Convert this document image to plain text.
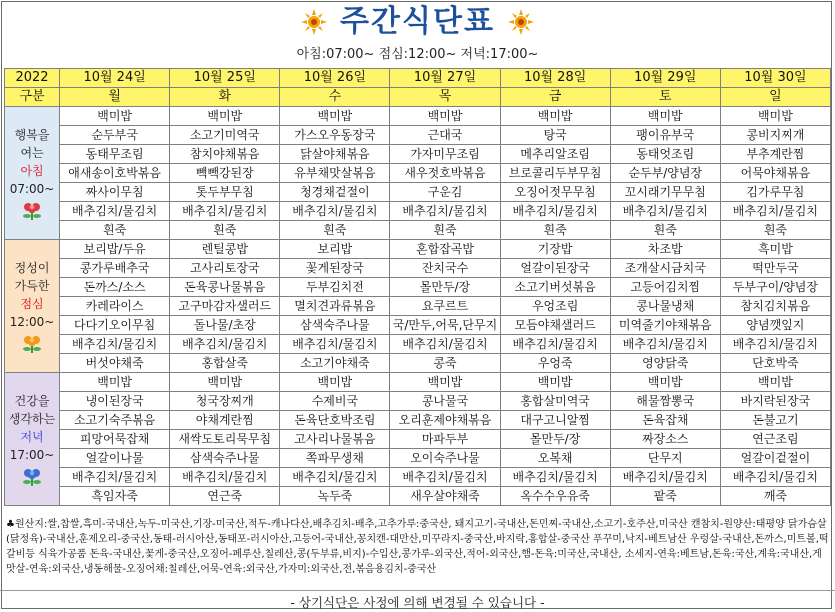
주간식단표
아침:07:00~ 점심:12:00~ 저녁:17:00~
2022	10월 24일	10월 25일	10월 26일	10월 27일	10월 28일	10월 29일	10월 30일
구분	월	화	수	목	금	토	일

행복을
여는
아침
07:00~	백미밥	백미밥	백미밥	백미밥	백미밥	백미밥	백미밥
	순두부국	소고기미역국	가스오우동장국	근대국	탕국	팽이유부국	콩비지찌개
	동태무조림	참치야채볶음	닭살야채볶음	가자미무조림	메추리알조림	동태엇조림	부추계란찜
	애새송이호박볶음	빽빽강된장	유부채맛살볶음	새우젓호박볶음	브로콜리두부무침	순두부/양념장	어묵야채볶음
	짜사이무침	톳두부무침	청경채겉절이	구운김	오징어젓무무침	꼬시래기무무침	김가루무침
	배추김치/물김치	배추김치/물김치	배추김치/물김치	배추김치/물김치	배추김치/물김치	배추김치/물김치	배추김치/물김치
	흰죽	흰죽	흰죽	흰죽	흰죽	흰죽	흰죽

정성이
가득한
점심
12:00~	보리밥/두유	렌틸콩밥	보리밥	혼합잡곡밥	기장밥	차조밥	흑미밥
	콩가루배추국	고사리토장국	꽃게된장국	잔치국수	얼갈이된장국	조개살시금치국	떡만두국
	돈까스/소스	돈육콩나물볶음	두부김치전	몰만두/장	소고기버섯볶음	고등어김치찜	두부구이/양념장
	카레라이스	고구마감자샐러드	멸치견과류볶음	요쿠르트	우엉조림	콩나물냉채	참치김치볶음
	다다기오이무침	돌나물/초장	삼색숙주나물	국/만두,어묵,단무지	모듬야채샐러드	미역줄기야채볶음	양념깻잎지
	배추김치/물김치	배추김치/물김치	배추김치/물김치	배추김치/물김치	배추김치/물김치	배추김치/물김치	배추김치/물김치
	버섯야채죽	홍합살죽	소고기야채죽	콩죽	우엉죽	영양닭죽	단호박죽

건강을
생각하는
저녁
17:00~	백미밥	백미밥	백미밥	백미밥	백미밥	백미밥	백미밥
	냉이된장국	청국장찌개	수제비국	콩나물국	홍합살미역국	해물짬뽕국	바지락된장국
	소고기숙주볶음	야채계란찜	돈육단호박조림	오리훈제야채볶음	대구고니알찜	돈육잡채	돈불고기
	피망어묵잡채	새싹도토리묵무침	고사리나물볶음	마파두부	몰만두/장	짜장소스	연근조림
	얼갈이나물	삼색숙주나물	쪽파무생채	오이숙주나물	오복채	단무지	얼갈이겉절이
	배추김치/물김치	배추김치/물김치	배추김치/물김치	배추김치/물김치	배추김치/물김치	배추김치/물김치	배추김치/물김치
	흑임자죽	연근죽	녹두죽	새우살야채죽	옥수수우유죽	팥죽	깨죽
♣원산지:쌀,찹쌀,흑미-국내산,녹두-미국산,기장-미국산,적두-캐나다산,배추김치-배추,고추가루:중국산, 돼지고기-국내산,돈민찌-국내산,소고기-호주산,미국산 캔참치-원양산:태평양 닭가슴살(닭정육)-국내산,훈제오리-중국산,동태-러시아산,동태포-러시아산,고등어-국내산,꽁치캔-대만산,미꾸라지-중국산,바지락,홍합살-중국산 푸꾸미,낙지-베트남산 우렁살-국내산,돈까스,미트볼,떡갈비등 식육가공품 돈육-국내산,꽃게-중국산,오징어-페루산,칠레산,콩(두부류,비지)-수입산,콩가루-외국산,적어-외국산,햄-돈육:미국산,국내산, 소세지-연육:베트남,돈육:국산,계육:국내산,게맛살-연육:외국산,냉동해물-오징어채:칠레산,어묵-연육:외국산,가자미:외국산,전,볶음용김치-중국산
- 상기식단은 사정에 의해 변경될 수 있습니다 -
